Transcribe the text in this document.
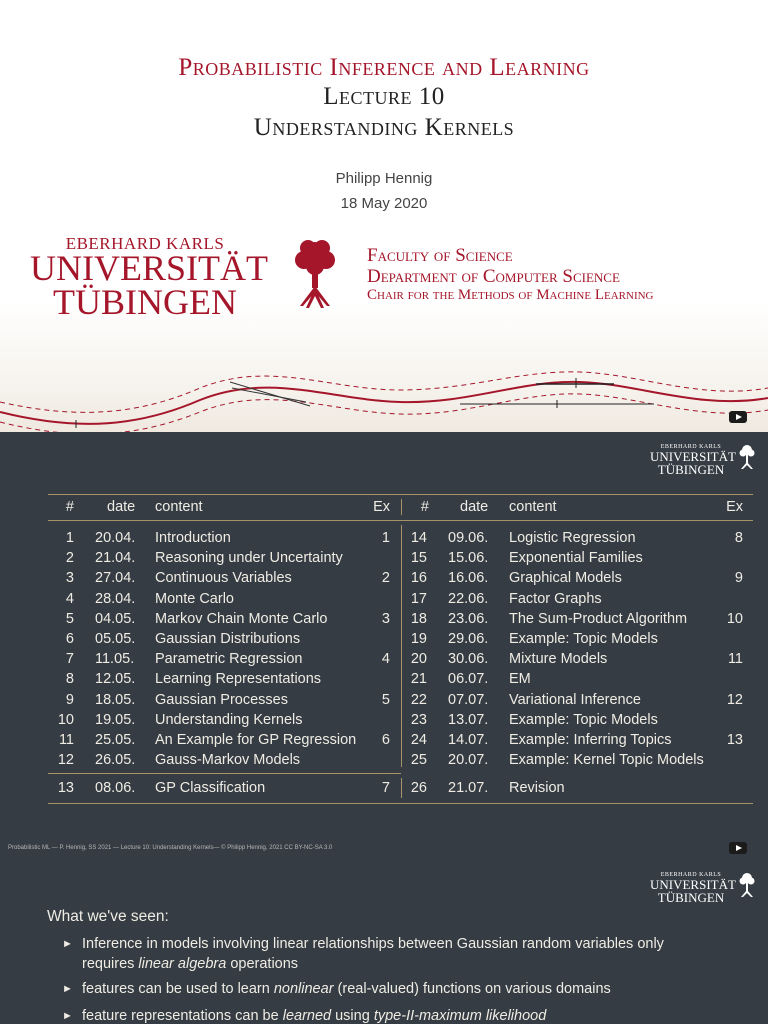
Probabilistic Inference and Learning
Lecture 10
Understanding Kernels
Philipp Hennig
18 May 2020
EBERHARD KARLS
UNIVERSITÄT
TÜBINGEN
Faculty of Science
Department of Computer Science
Chair for the Methods of Machine Learning
EBERHARD KARLS
UNIVERSITÄT
TÜBINGEN
# date content	Ex	# date content	Ex
1 20.04. Introduction	1
2 21.04. Reasoning under Uncertainty
3 27.04. Continuous Variables	2
4 28.04. Monte Carlo
5 04.05. Markov Chain Monte Carlo	3
6 05.05. Gaussian Distributions
7 11.05. Parametric Regression	4
8 12.05. Learning Representations
9 18.05. Gaussian Processes	5
10 19.05. Understanding Kernels
11 25.05. An Example for GP Regression	6
12 26.05. Gauss-Markov Models
13 08.06. GP Classification	7
14 09.06. Logistic Regression	8
15 15.06. Exponential Families
16 16.06. Graphical Models	9
17 22.06. Factor Graphs
18 23.06. The Sum-Product Algorithm	10
19 29.06. Example: Topic Models
20 30.06. Mixture Models	11
21 06.07. EM
22 07.07. Variational Inference	12
23 13.07. Example: Topic Models
24 14.07. Example: Inferring Topics	13
25 20.07. Example: Kernel Topic Models
26 21.07. Revision
Probabilistic ML — P. Hennig, SS 2021 — Lecture 10: Understanding Kernels— © Philipp Hennig, 2021 CC BY-NC-SA 3.0
EBERHARD KARLS
UNIVERSITÄT
TÜBINGEN
What we've seen:
► Inference in models involving linear relationships between Gaussian random variables only requires linear algebra operations
► features can be used to learn nonlinear (real-valued) functions on various domains
► feature representations can be learned using type-II-maximum likelihood
